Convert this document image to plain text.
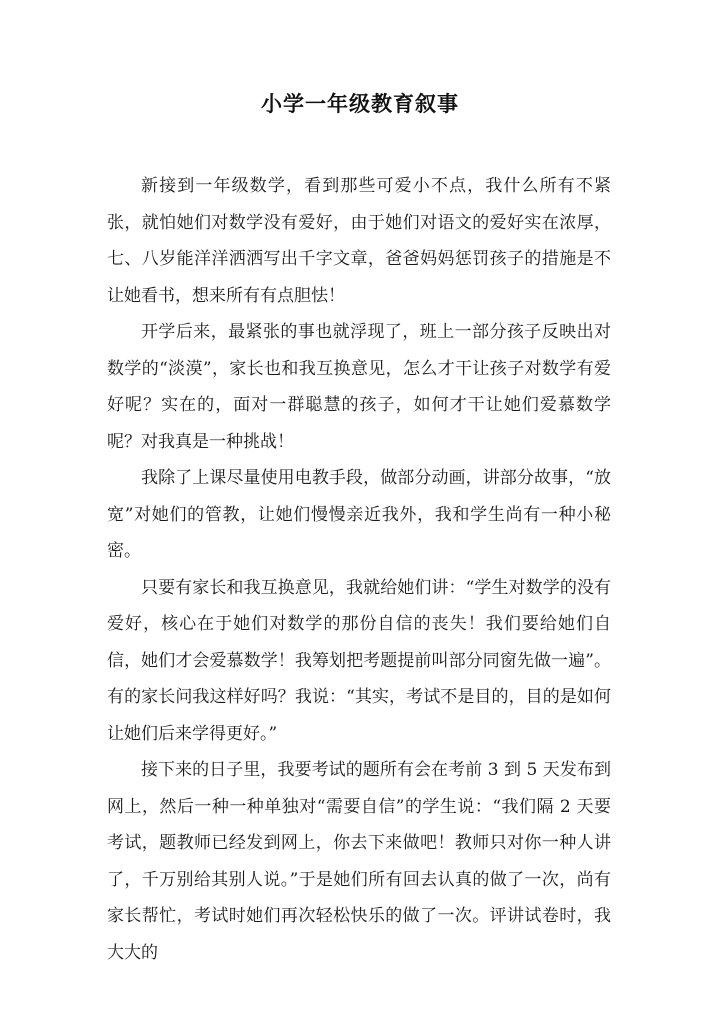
小学一年级教育叙事

新接到一年级数学，看到那些可爱小不点，我什么所有不紧张，就怕她们对数学没有爱好，由于她们对语文的爱好实在浓厚，七、八岁能洋洋洒洒写出千字文章，爸爸妈妈惩罚孩子的措施是不让她看书，想来所有有点胆怯！

开学后来，最紧张的事也就浮现了，班上一部分孩子反映出对数学的“淡漠”，家长也和我互换意见，怎么才干让孩子对数学有爱好呢？实在的，面对一群聪慧的孩子，如何才干让她们爱慕数学呢？对我真是一种挑战！

我除了上课尽量使用电教手段，做部分动画，讲部分故事，“放宽”对她们的管教，让她们慢慢亲近我外，我和学生尚有一种小秘密。

只要有家长和我互换意见，我就给她们讲：“学生对数学的没有爱好，核心在于她们对数学的那份自信的丧失！我们要给她们自信，她们才会爱慕数学！我筹划把考题提前叫部分同窗先做一遍”。有的家长问我这样好吗？我说：“其实，考试不是目的，目的是如何让她们后来学得更好。”

接下来的日子里，我要考试的题所有会在考前 3 到 5 天发布到网上，然后一种一种单独对“需要自信”的学生说：“我们隔 2 天要考试，题教师已经发到网上，你去下来做吧！教师只对你一种人讲了，千万别给其别人说。”于是她们所有回去认真的做了一次，尚有家长帮忙，考试时她们再次轻松快乐的做了一次。评讲试卷时，我大大的
